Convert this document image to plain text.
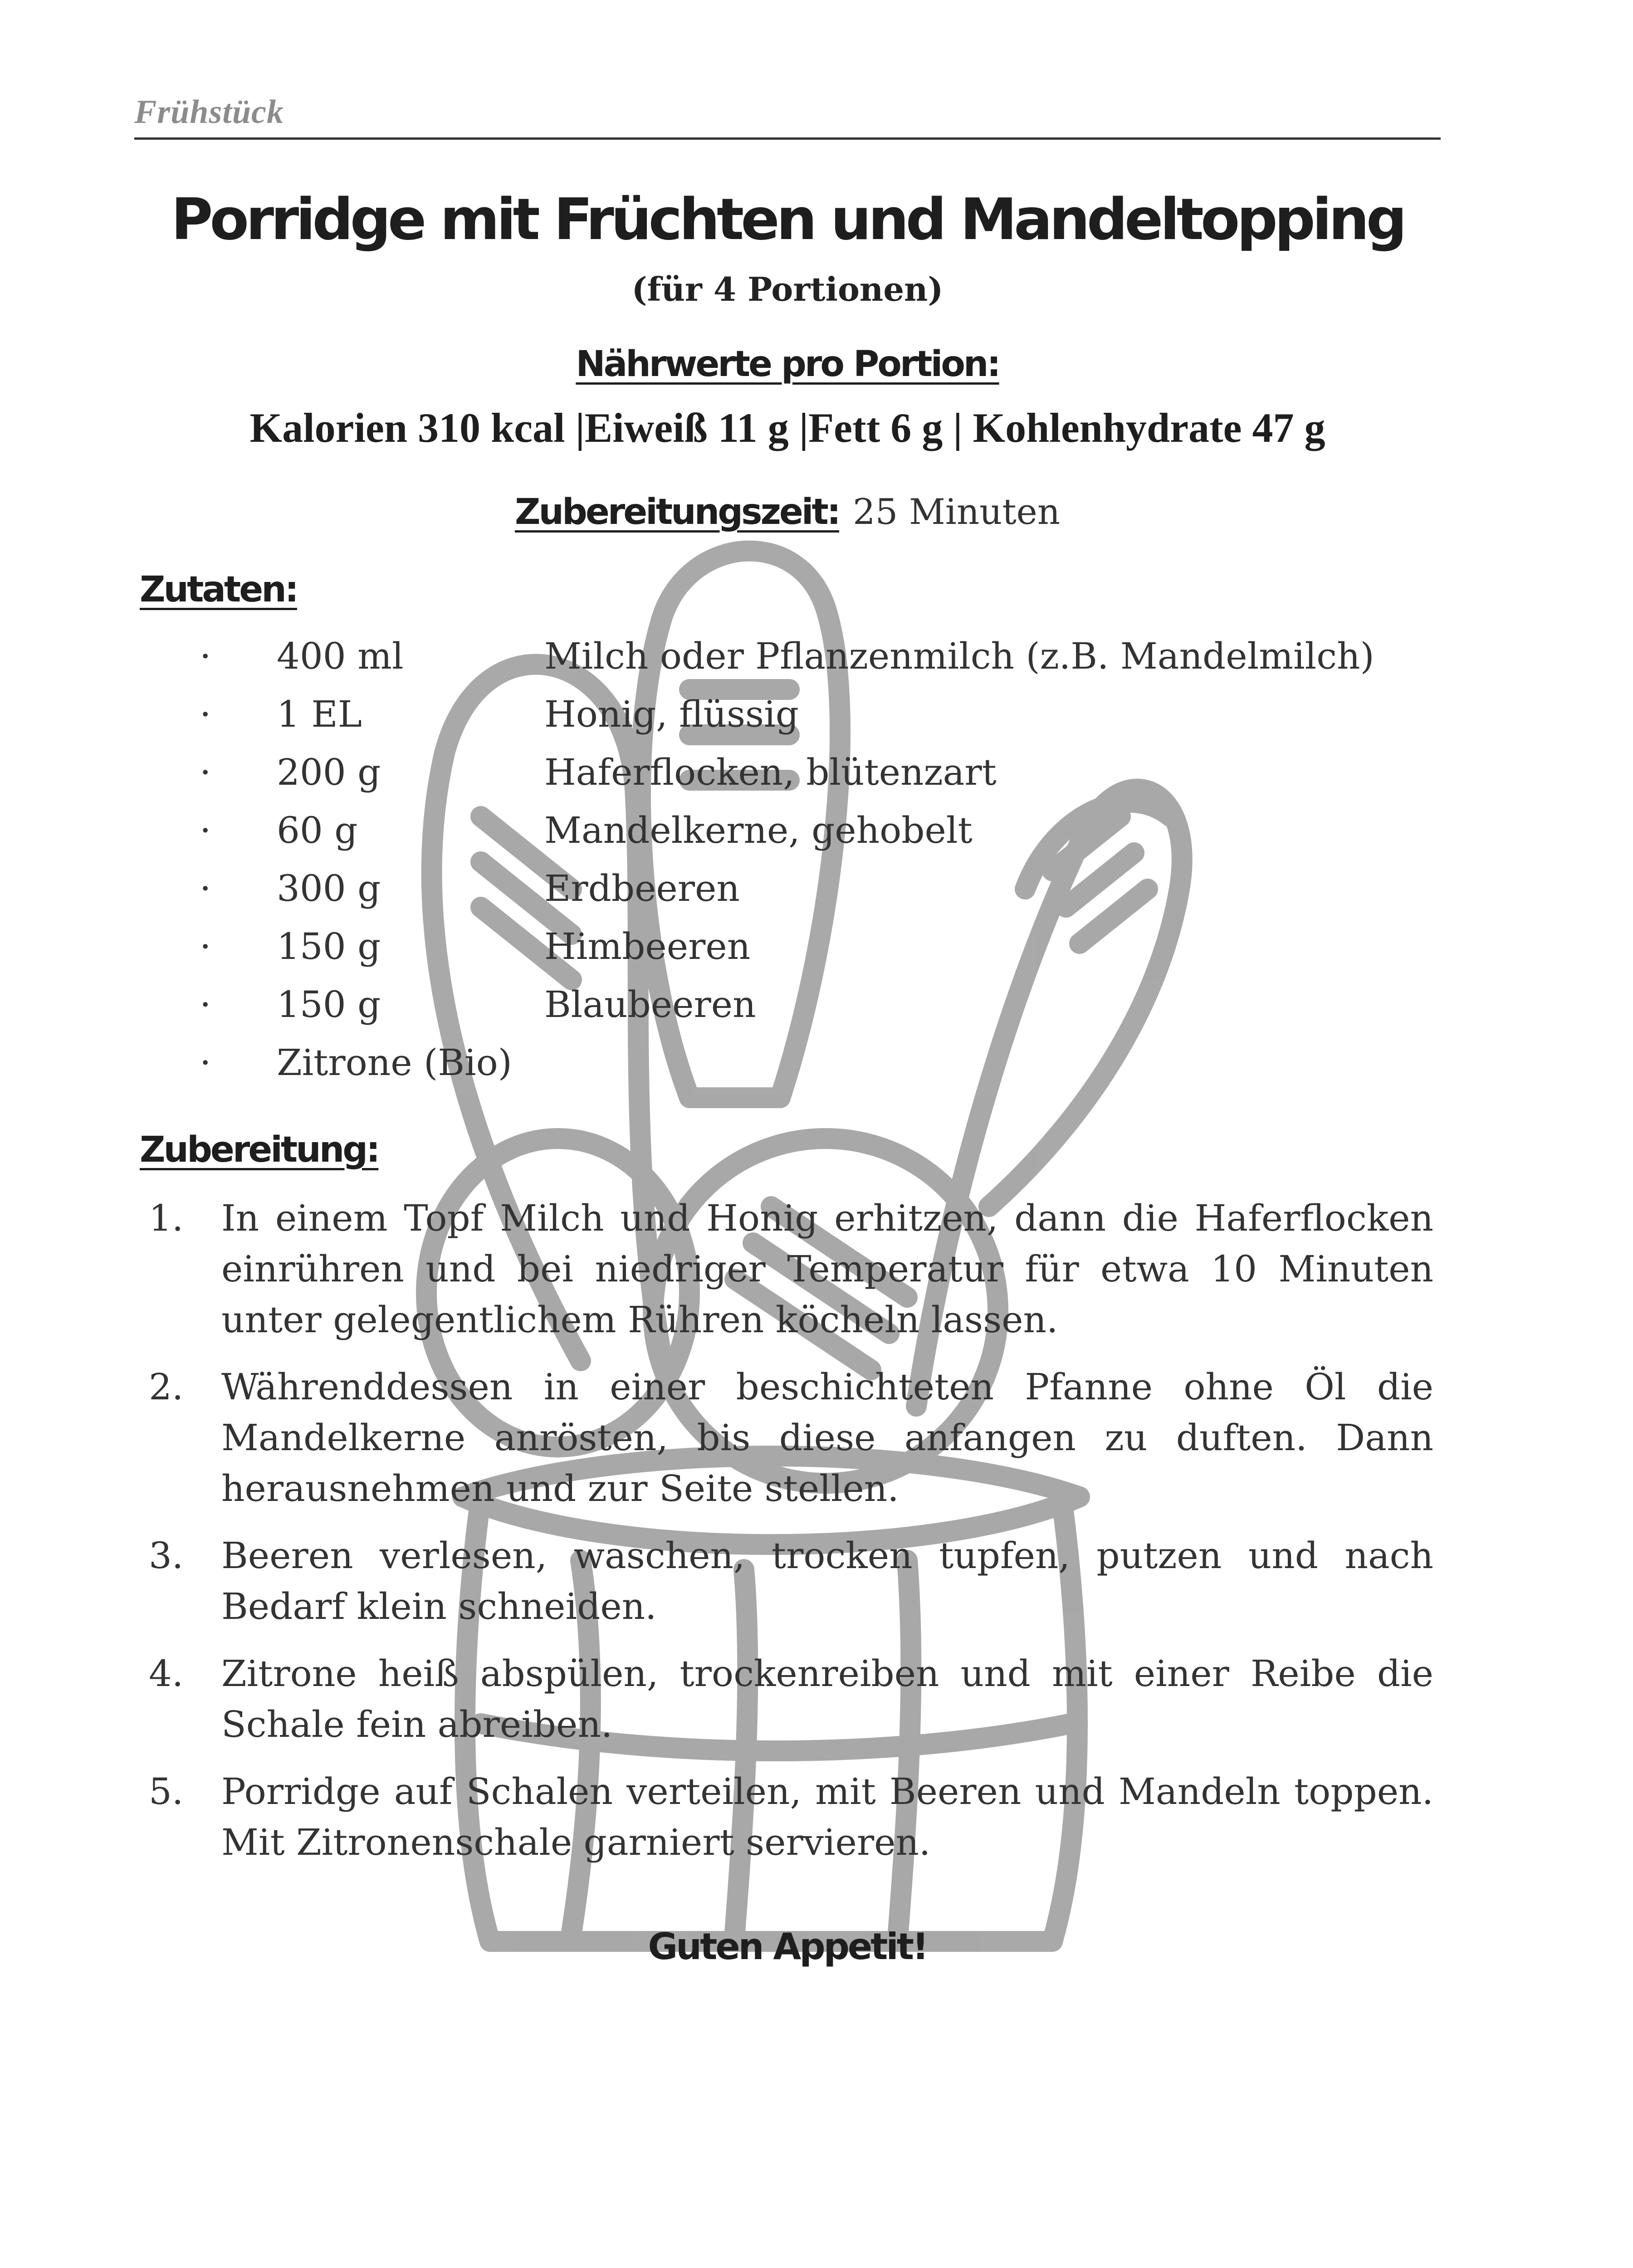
Frühstück
Porridge mit Früchten und Mandeltopping
(für 4 Portionen)
Nährwerte pro Portion:
Kalorien 310 kcal |Eiweiß 11 g |Fett 6 g | Kohlenhydrate 47 g
Zubereitungszeit: 25 Minuten
Zutaten:
· 400 ml	Milch oder Pflanzenmilch (z.B. Mandelmilch)
· 1 EL	Honig, flüssig
· 200 g	Haferflocken, blütenzart
· 60 g	Mandelkerne, gehobelt
· 300 g	Erdbeeren
· 150 g	Himbeeren
· 150 g	Blaubeeren
· Zitrone (Bio)
Zubereitung:
1. In einem Topf Milch und Honig erhitzen, dann die Haferflocken einrühren und bei niedriger Temperatur für etwa 10 Minuten unter gelegentlichem Rühren köcheln lassen.
2. Währenddessen in einer beschichteten Pfanne ohne Öl die Mandelkerne anrösten, bis diese anfangen zu duften. Dann herausnehmen und zur Seite stellen.
3. Beeren verlesen, waschen, trocken tupfen, putzen und nach Bedarf klein schneiden.
4. Zitrone heiß abspülen, trockenreiben und mit einer Reibe die Schale fein abreiben.
5. Porridge auf Schalen verteilen, mit Beeren und Mandeln toppen. Mit Zitronenschale garniert servieren.
Guten Appetit!
